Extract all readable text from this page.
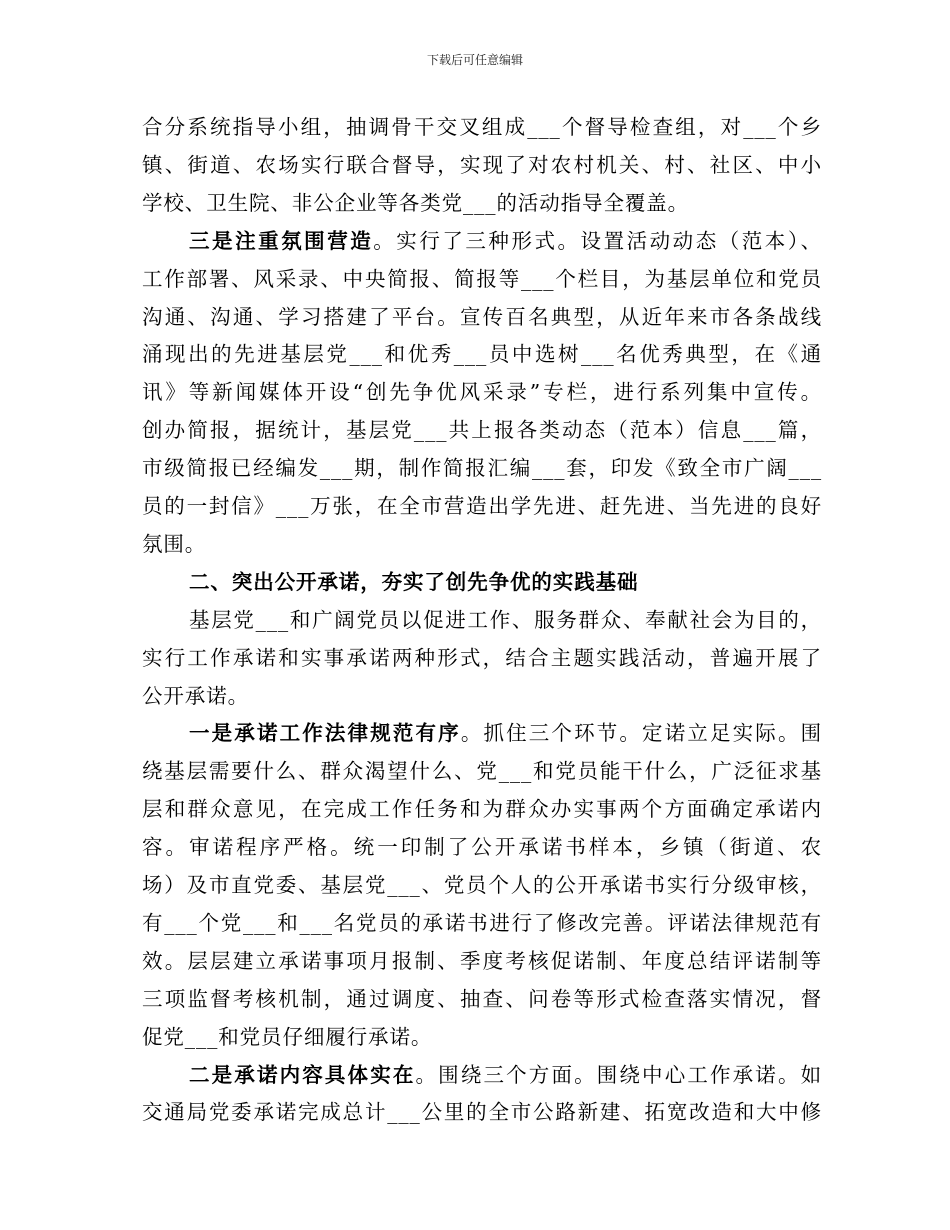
下载后可任意编辑
合分系统指导小组，抽调骨干交叉组成___个督导检查组，对___个乡
镇、街道、农场实行联合督导，实现了对农村机关、村、社区、中小
学校、卫生院、非公企业等各类党___的活动指导全覆盖。
三是注重氛围营造。实行了三种形式。设置活动动态（范本）、
工作部署、风采录、中央简报、简报等___个栏目，为基层单位和党员
沟通、沟通、学习搭建了平台。宣传百名典型，从近年来市各条战线
涌现出的先进基层党___和优秀___员中选树___名优秀典型，在《通
讯》等新闻媒体开设“创先争优风采录”专栏，进行系列集中宣传。
创办简报，据统计，基层党___共上报各类动态（范本）信息___篇，
市级简报已经编发___期，制作简报汇编___套，印发《致全市广阔___
员的一封信》___万张，在全市营造出学先进、赶先进、当先进的良好
氛围。
二、突出公开承诺，夯实了创先争优的实践基础
基层党___和广阔党员以促进工作、服务群众、奉献社会为目的，
实行工作承诺和实事承诺两种形式，结合主题实践活动，普遍开展了
公开承诺。
一是承诺工作法律规范有序。抓住三个环节。定诺立足实际。围
绕基层需要什么、群众渴望什么、党___和党员能干什么，广泛征求基
层和群众意见，在完成工作任务和为群众办实事两个方面确定承诺内
容。审诺程序严格。统一印制了公开承诺书样本，乡镇（街道、农
场）及市直党委、基层党___、党员个人的公开承诺书实行分级审核，
有___个党___和___名党员的承诺书进行了修改完善。评诺法律规范有
效。层层建立承诺事项月报制、季度考核促诺制、年度总结评诺制等
三项监督考核机制，通过调度、抽查、问卷等形式检查落实情况，督
促党___和党员仔细履行承诺。
二是承诺内容具体实在。围绕三个方面。围绕中心工作承诺。如
交通局党委承诺完成总计___公里的全市公路新建、拓宽改造和大中修
